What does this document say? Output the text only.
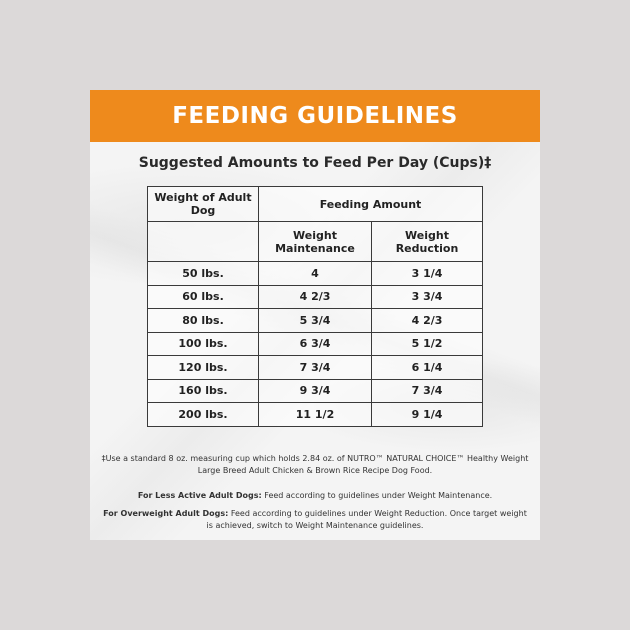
FEEDING GUIDELINES
Suggested Amounts to Feed Per Day (Cups)‡
Weight of Adult Dog	Feeding Amount	
	Weight Maintenance	Weight Reduction
50 lbs.	4	3 1/4
60 lbs.	4 2/3	3 3/4
80 lbs.	5 3/4	4 2/3
100 lbs.	6 3/4	5 1/2
120 lbs.	7 3/4	6 1/4
160 lbs.	9 3/4	7 3/4
200 lbs.	11 1/2	9 1/4
‡Use a standard 8 oz. measuring cup which holds 2.84 oz. of NUTRO™ NATURAL CHOICE™ Healthy Weight Large Breed Adult Chicken & Brown Rice Recipe Dog Food.
For Less Active Adult Dogs: Feed according to guidelines under Weight Maintenance.
For Overweight Adult Dogs: Feed according to guidelines under Weight Reduction. Once target weight is achieved, switch to Weight Maintenance guidelines.
